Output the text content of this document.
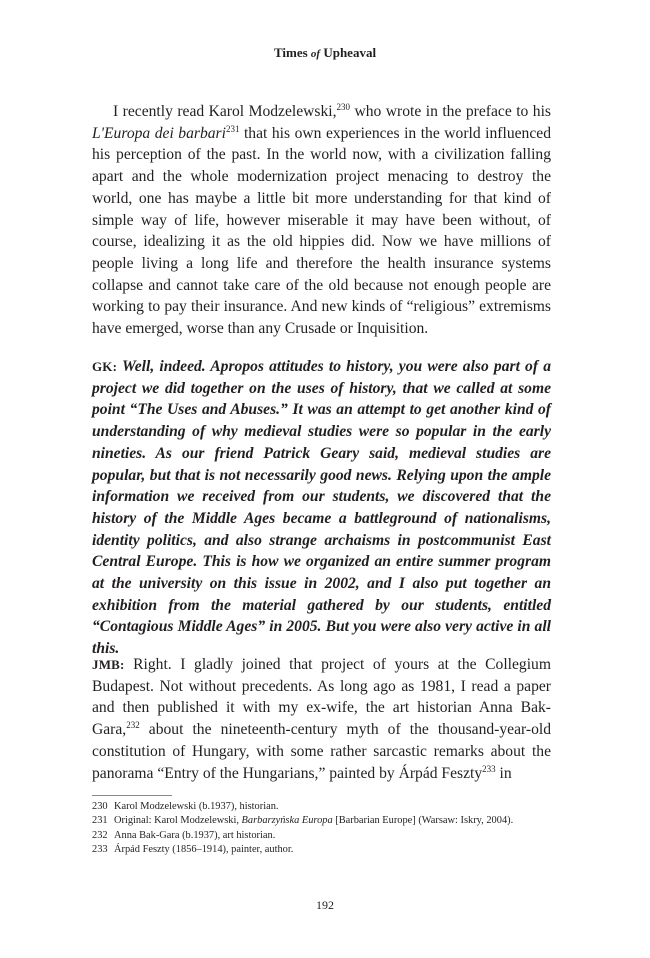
Times of Upheaval

I recently read Karol Modzelewski,$^{230}$ who wrote in the preface to his L'Europa dei barbari$^{231}$ that his own experiences in the world influenced his perception of the past. In the world now, with a civilization falling apart and the whole modernization project menacing to destroy the world, one has maybe a little bit more understanding for that kind of simple way of life, however miserable it may have been without, of course, idealizing it as the old hippies did. Now we have millions of people living a long life and therefore the health insurance systems collapse and cannot take care of the old because not enough people are working to pay their insurance. And new kinds of “religious” extremisms have emerged, worse than any Crusade or Inquisition.

GK: Well, indeed. Apropos attitudes to history, you were also part of a project we did together on the uses of history, that we called at some point “The Uses and Abuses.” It was an attempt to get another kind of understanding of why medieval studies were so popular in the early nineties. As our friend Patrick Geary said, medieval studies are popular, but that is not necessarily good news. Relying upon the ample information we received from our students, we discovered that the history of the Middle Ages became a battleground of nationalisms, identity politics, and also strange archaisms in postcommunist East Central Europe. This is how we organized an entire summer program at the university on this issue in 2002, and I also put together an exhibition from the material gathered by our students, entitled “Contagious Middle Ages” in 2005. But you were also very active in all this.

JMB: Right. I gladly joined that project of yours at the Collegium Budapest. Not without precedents. As long ago as 1981, I read a paper and then published it with my ex-wife, the art historian Anna Bak-Gara,$^{232}$ about the nineteenth-century myth of the thousand-year-old constitution of Hungary, with some rather sarcastic remarks about the panorama “Entry of the Hungarians,” painted by Árpád Feszty$^{233}$ in

230 Karol Modzelewski (b.1937), historian.
231 Original: Karol Modzelewski, Barbarzyńska Europa [Barbarian Europe] (Warsaw: Iskry, 2004).
232 Anna Bak-Gara (b.1937), art historian.
233 Árpád Feszty (1856–1914), painter, author.
192
